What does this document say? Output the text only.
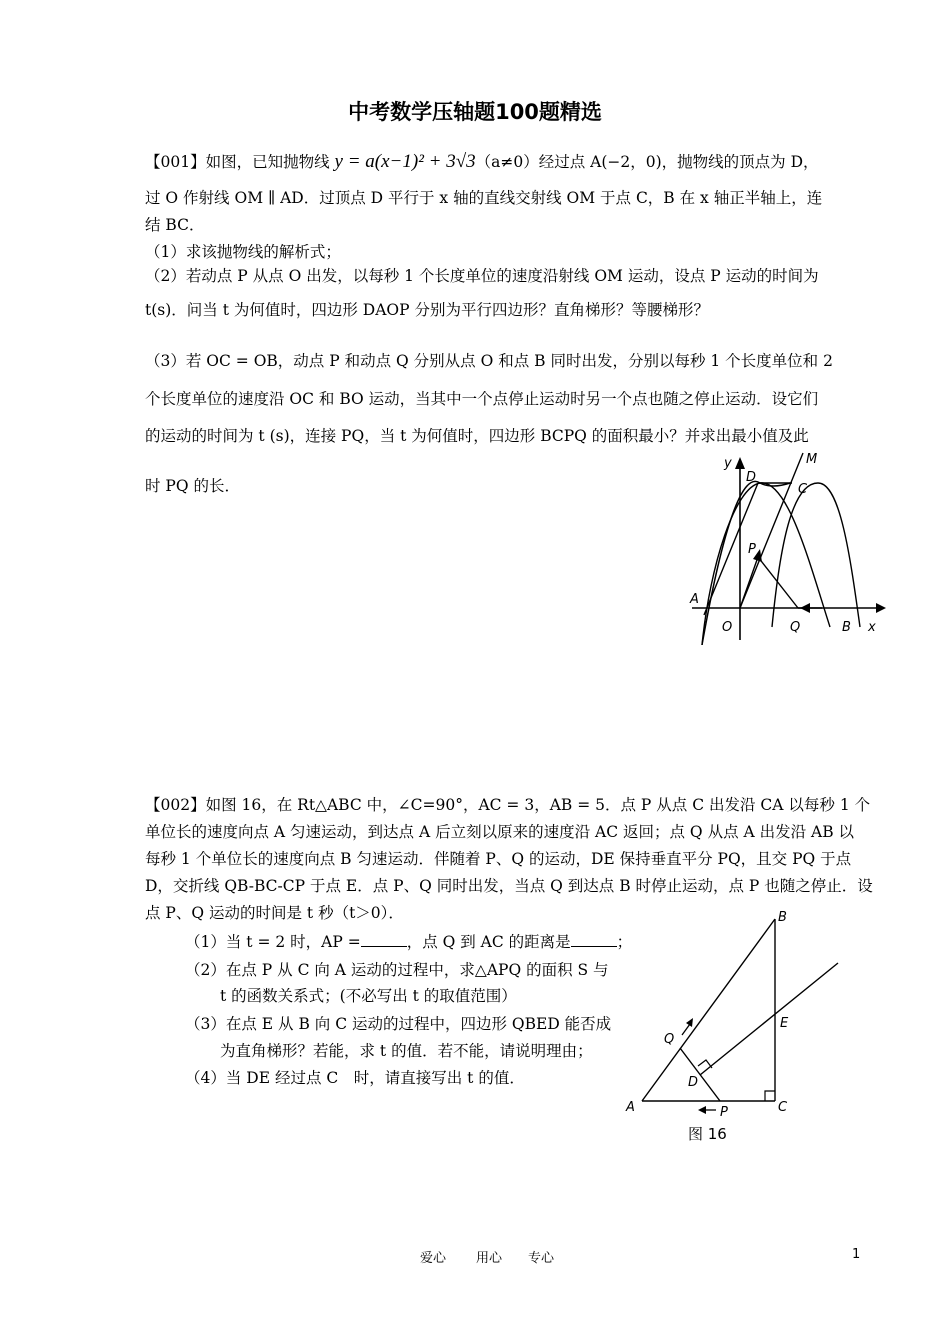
中考数学压轴题100题精选
【001】如图，已知抛物线 y = a(x−1)² + 3√3（a≠0）经过点 A(−2，0)，抛物线的顶点为 D，
过 O 作射线 OM ∥ AD．过顶点 D 平行于 x 轴的直线交射线 OM 于点 C，B 在 x 轴正半轴上，连
结 BC．
（1）求该抛物线的解析式；
（2）若动点 P 从点 O 出发，以每秒 1 个长度单位的速度沿射线 OM 运动，设点 P 运动的时间为
t(s)．问当 t 为何值时，四边形 DAOP 分别为平行四边形？直角梯形？等腰梯形？
（3）若 OC = OB，动点 P 和动点 Q 分别从点 O 和点 B 同时出发，分别以每秒 1 个长度单位和 2
个长度单位的速度沿 OC 和 BO 运动，当其中一个点停止运动时另一个点也随之停止运动．设它们
的运动的时间为 t (s)，连接 PQ，当 t 为何值时，四边形 BCPQ 的面积最小？并求出最小值及此
时 PQ 的长．
y
x
M
D
C
P
A
O	Q	B
【002】如图 16，在 Rt△ABC 中，∠C=90°，AC = 3，AB = 5．点 P 从点 C 出发沿 CA 以每秒 1 个
单位长的速度向点 A 匀速运动，到达点 A 后立刻以原来的速度沿 AC 返回；点 Q 从点 A 出发沿 AB 以
每秒 1 个单位长的速度向点 B 匀速运动．伴随着 P、Q 的运动，DE 保持垂直平分 PQ，且交 PQ 于点
D，交折线 QB-BC-CP 于点 E．点 P、Q 同时出发，当点 Q 到达点 B 时停止运动，点 P 也随之停止．设
点 P、Q 运动的时间是 t 秒（t＞0）．
（1）当 t = 2 时，AP =	，点 Q 到 AC 的距离是	；
（2）在点 P 从 C 向 A 运动的过程中，求△APQ 的面积 S 与
t 的函数关系式；(不必写出 t 的取值范围）
（3）在点 E 从 B 向 C 运动的过程中，四边形 QBED 能否成
为直角梯形？若能，求 t 的值．若不能，请说明理由；
（4）当 DE 经过点 C　时，请直接写出 t 的值．
B
E
Q
D
A	P	C
图 16
爱心 用心 专心	1
